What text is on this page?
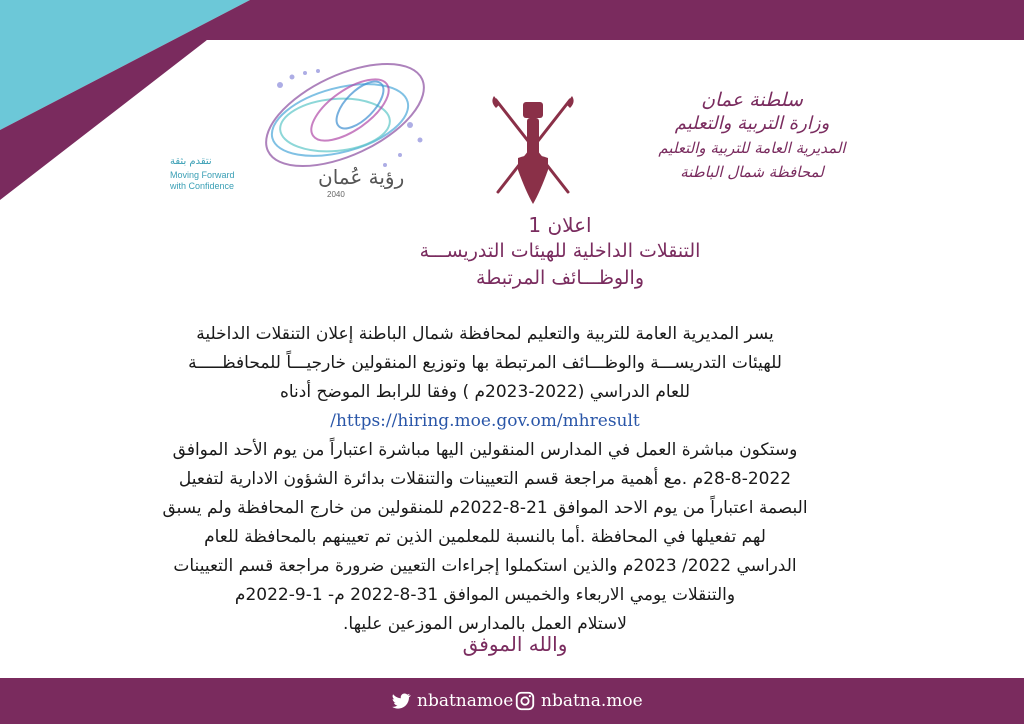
رؤية عُمان
2040
نتقدم بثقة
Moving Forward
with Confidence
سلطنة عمان
وزارة التربية والتعليم
المديرية العامة للتربية والتعليم
لمحافظة شمال الباطنة
اعلان 1
التنقلات الداخلية للهيئات التدريســـة
والوظـــائف المرتبطة
يسر المديرية العامة للتربية والتعليم لمحافظة شمال الباطنة إعلان التنقلات الداخلية
للهيئات التدريســـة والوظـــائف المرتبطة بها وتوزيع المنقولين خارجيـــاً للمحافظـــــة
للعام الدراسي (2022-2023م ) وفقا للرابط الموضح أدناه
https://hiring.moe.gov.om/mhresult/
وستكون مباشرة العمل في المدارس المنقولين اليها مباشرة اعتباراً من يوم الأحد الموافق
28-8-2022م .مع أهمية مراجعة قسم التعيينات والتنقلات بدائرة الشؤون الادارية لتفعيل
البصمة اعتباراً من يوم الاحد الموافق 21-8-2022م للمنقولين من خارج المحافظة ولم يسبق
لهم تفعيلها في المحافظة .أما بالنسبة للمعلمين الذين تم تعيينهم بالمحافظة للعام
الدراسي 2022/ 2023م والذين استكملوا إجراءات التعيين ضرورة مراجعة قسم التعيينات
والتنقلات يومي الاربعاء والخميس الموافق 31-8-2022 م- 1-9-2022م
لاستلام العمل بالمدارس الموزعين عليها.
والله الموفق
nbatnamoe nbatna.moe
